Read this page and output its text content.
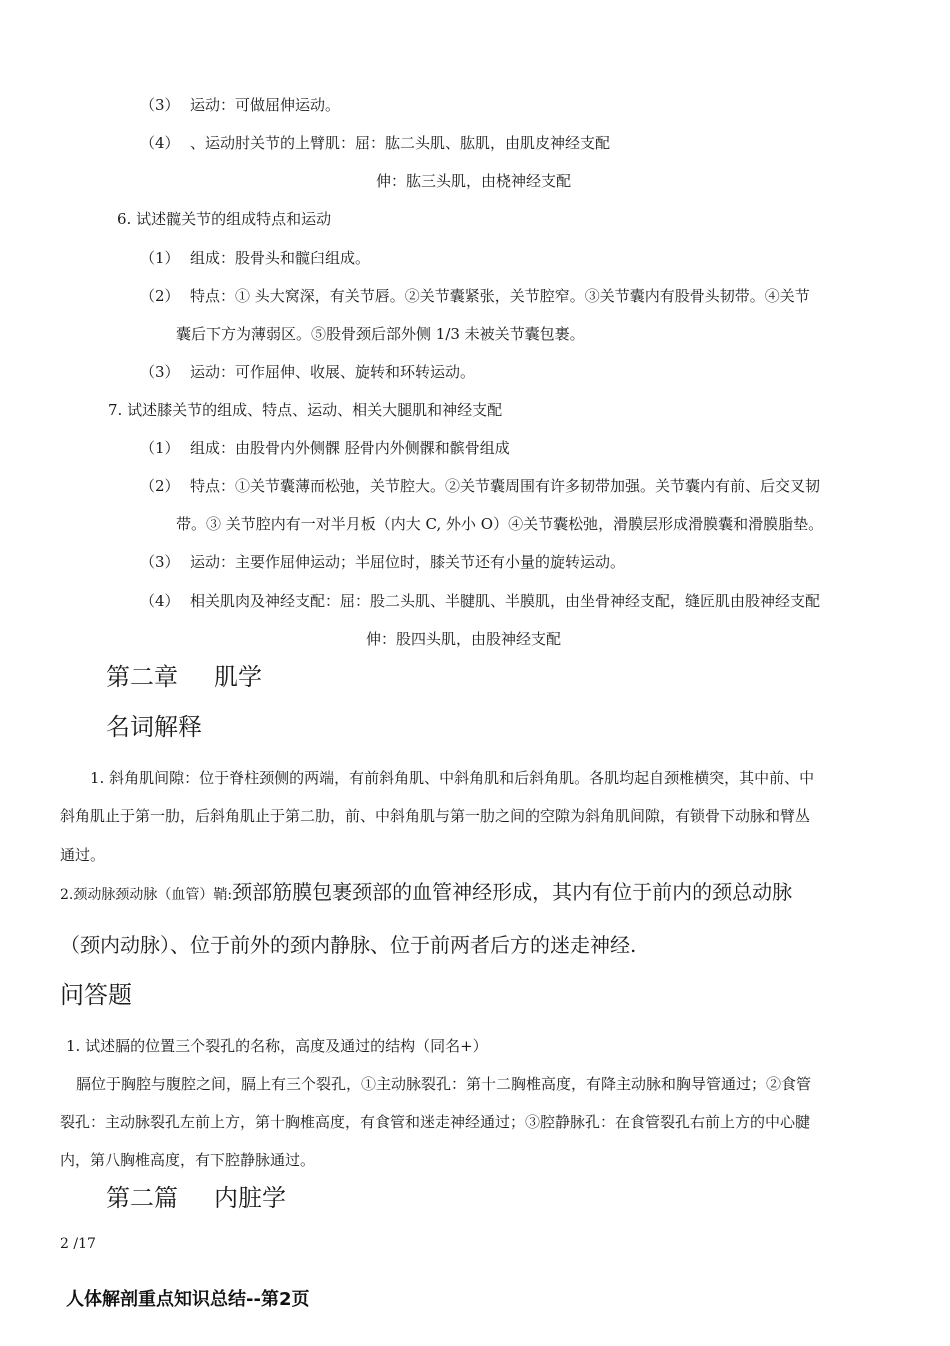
（3） 运动：可做屈伸运动。
（4） 、运动肘关节的上臂肌：屈：肱二头肌、肱肌，由肌皮神经支配
伸：肱三头肌，由桡神经支配
6. 试述髋关节的组成特点和运动
（1） 组成：股骨头和髋臼组成。
（2） 特点：① 头大窝深，有关节唇。②关节囊紧张，关节腔窄。③关节囊内有股骨头韧带。④关节
囊后下方为薄弱区。⑤股骨颈后部外侧 1/3 未被关节囊包裹。
（3） 运动：可作屈伸、收展、旋转和环转运动。
7. 试述膝关节的组成、特点、运动、相关大腿肌和神经支配
（1） 组成：由股骨内外侧髁 胫骨内外侧髁和髌骨组成
（2） 特点：①关节囊薄而松弛，关节腔大。②关节囊周围有许多韧带加强。关节囊内有前、后交叉韧
带。③ 关节腔内有一对半月板（内大 C, 外小 O）④关节囊松弛，滑膜层形成滑膜囊和滑膜脂垫。
（3） 运动：主要作屈伸运动；半屈位时，膝关节还有小量的旋转运动。
（4） 相关肌肉及神经支配：屈：股二头肌、半腱肌、半膜肌，由坐骨神经支配，缝匠肌由股神经支配
伸：股四头肌，由股神经支配
第二章 肌学
名词解释
1. 斜角肌间隙：位于脊柱颈侧的两端，有前斜角肌、中斜角肌和后斜角肌。各肌均起自颈椎横突，其中前、中
斜角肌止于第一肋，后斜角肌止于第二肋，前、中斜角肌与第一肋之间的空隙为斜角肌间隙，有锁骨下动脉和臂丛
通过。
2.颈动脉颈动脉（血管）鞘:颈部筋膜包裹颈部的血管神经形成，其内有位于前内的颈总动脉
（颈内动脉）、位于前外的颈内静脉、位于前两者后方的迷走神经.
问答题
1. 试述膈的位置三个裂孔的名称，高度及通过的结构（同名+）
膈位于胸腔与腹腔之间，膈上有三个裂孔，①主动脉裂孔：第十二胸椎高度，有降主动脉和胸导管通过；②食管
裂孔：主动脉裂孔左前上方，第十胸椎高度，有食管和迷走神经通过；③腔静脉孔：在食管裂孔右前上方的中心腱
内，第八胸椎高度，有下腔静脉通过。
第二篇 内脏学
2 /17
人体解剖重点知识总结--第2页
